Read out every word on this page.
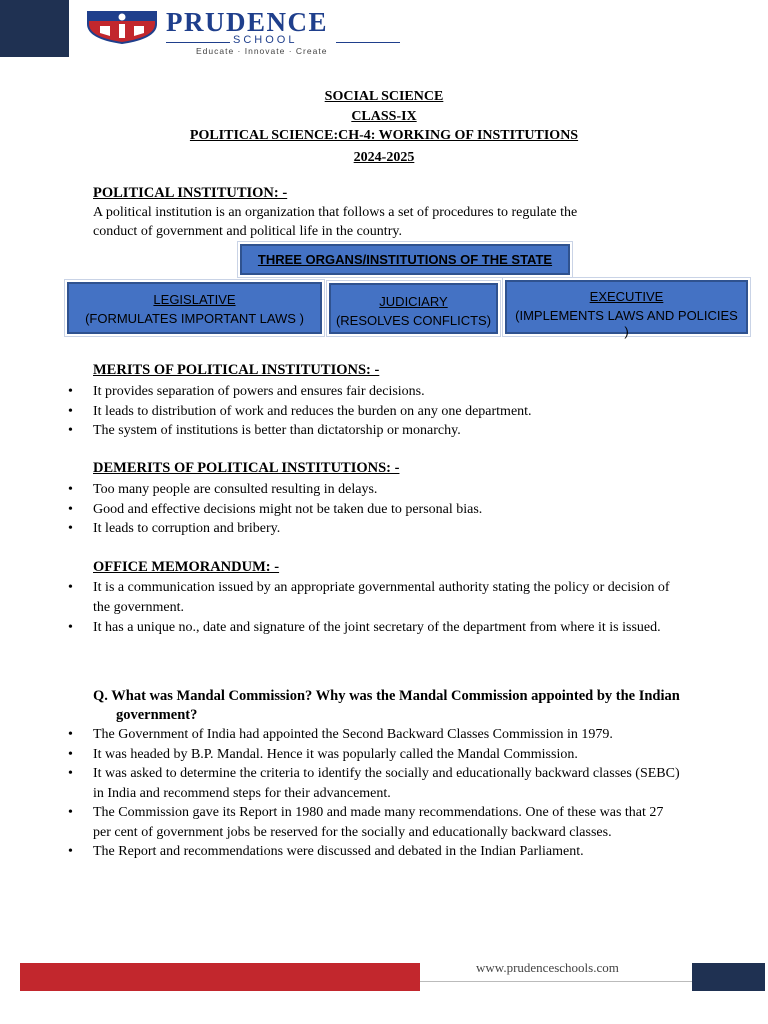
PRUDENCE
SCHOOL
Educate · Innovate · Create
SOCIAL SCIENCE
CLASS-IX
POLITICAL SCIENCE:CH-4: WORKING OF INSTITUTIONS
2024-2025
POLITICAL INSTITUTION: -
A political institution is an organization that follows a set of procedures to regulate the
conduct of government and political life in the country.
THREE ORGANS/INSTITUTIONS OF THE STATE
LEGISLATIVE
(FORMULATES IMPORTANT LAWS )
JUDICIARY
(RESOLVES CONFLICTS)
EXECUTIVE
(IMPLEMENTS LAWS AND POLICIES
)
MERITS OF POLITICAL INSTITUTIONS: -
• It provides separation of powers and ensures fair decisions.
• It leads to distribution of work and reduces the burden on any one department.
• The system of institutions is better than dictatorship or monarchy.
DEMERITS OF POLITICAL INSTITUTIONS: -
• Too many people are consulted resulting in delays.
• Good and effective decisions might not be taken due to personal bias.
• It leads to corruption and bribery.
OFFICE MEMORANDUM: -
• It is a communication issued by an appropriate governmental authority stating the policy or decision of the government.
• It has a unique no., date and signature of the joint secretary of the department from where it is issued.
Q. What was Mandal Commission? Why was the Mandal Commission appointed by the Indian government?
• The Government of India had appointed the Second Backward Classes Commission in 1979.
• It was headed by B.P. Mandal. Hence it was popularly called the Mandal Commission.
• It was asked to determine the criteria to identify the socially and educationally backward classes (SEBC) in India and recommend steps for their advancement.
• The Commission gave its Report in 1980 and made many recommendations. One of these was that 27 per cent of government jobs be reserved for the socially and educationally backward classes.
• The Report and recommendations were discussed and debated in the Indian Parliament.
www.prudenceschools.com
